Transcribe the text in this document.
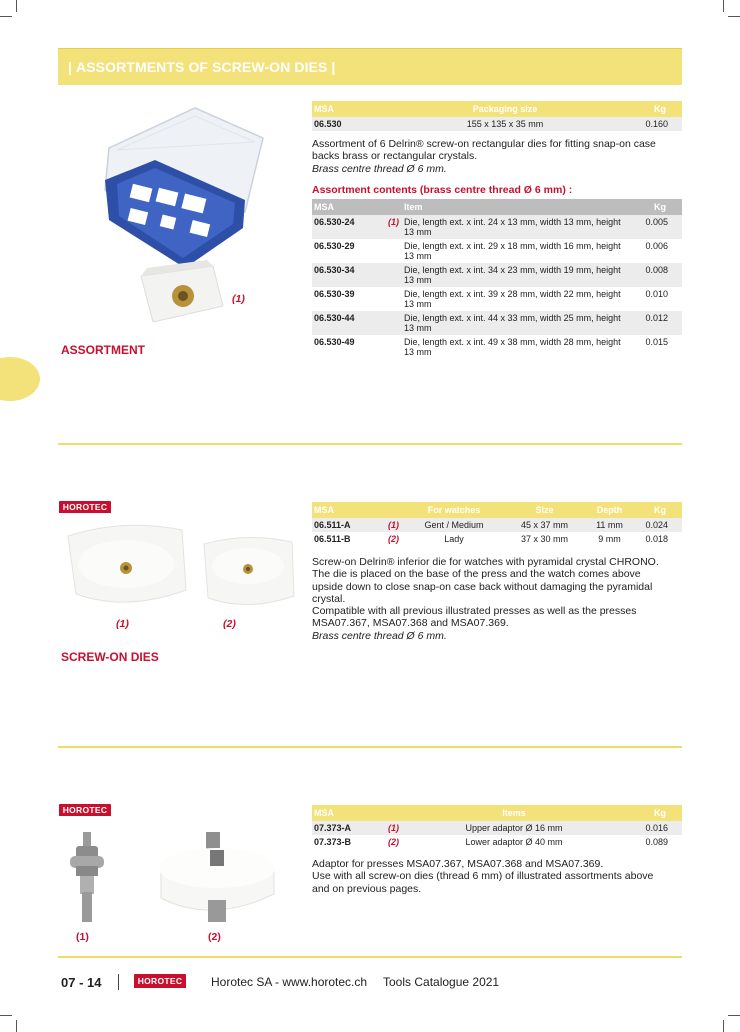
| ASSORTMENTS OF SCREW-ON DIES |
(1)
ASSORTMENT
MSA	Packaging size	Kg
06.530	155 x 135 x 35 mm	0.160

Assortment of 6 Delrin® screw-on rectangular dies for fitting snap-on case

backs brass or rectangular crystals.

Brass centre thread Ø 6 mm.

Assortment contents (brass centre thread Ø 6 mm) :
MSA		Item	Kg
06.530-24	(1)	Die, length ext. x int. 24 x 13 mm, width 13 mm, height 13 mm	0.005
06.530-29		Die, length ext. x int. 29 x 18 mm, width 16 mm, height 13 mm	0.006
06.530-34		Die, length ext. x int. 34 x 23 mm, width 19 mm, height 13 mm	0.008
06.530-39		Die, length ext. x int. 39 x 28 mm, width 22 mm, height 13 mm	0.010
06.530-44		Die, length ext. x int. 44 x 33 mm, width 25 mm, height 13 mm	0.012
06.530-49		Die, length ext. x int. 49 x 38 mm, width 28 mm, height 13 mm	0.015
HOROTEC
(1)	(2)
SCREW-ON DIES
MSA		For watches	Size	Depth	Kg
06.511-A	(1)	Gent / Medium	45 x 37 mm	11 mm	0.024
06.511-B	(2)	Lady	37 x 30 mm	9 mm	0.018

Screw-on Delrin® inferior die for watches with pyramidal crystal CHRONO.

The die is placed on the base of the press and the watch comes above

upside down to close snap-on case back without damaging the pyramidal

crystal.

Compatible with all previous illustrated presses as well as the presses

MSA07.367, MSA07.368 and MSA07.369.

Brass centre thread Ø 6 mm.

HOROTEC
(1)	(2)
MSA		Items	Kg
07.373-A	(1)	Upper adaptor Ø 16 mm	0.016
07.373-B	(2)	Lower adaptor Ø 40 mm	0.089

Adaptor for presses MSA07.367, MSA07.368 and MSA07.369.

Use with all screw-on dies (thread 6 mm) of illustrated assortments above

and on previous pages.

07 - 14	HOROTEC	Horotec SA - www.horotec.ch Tools Catalogue 2021
